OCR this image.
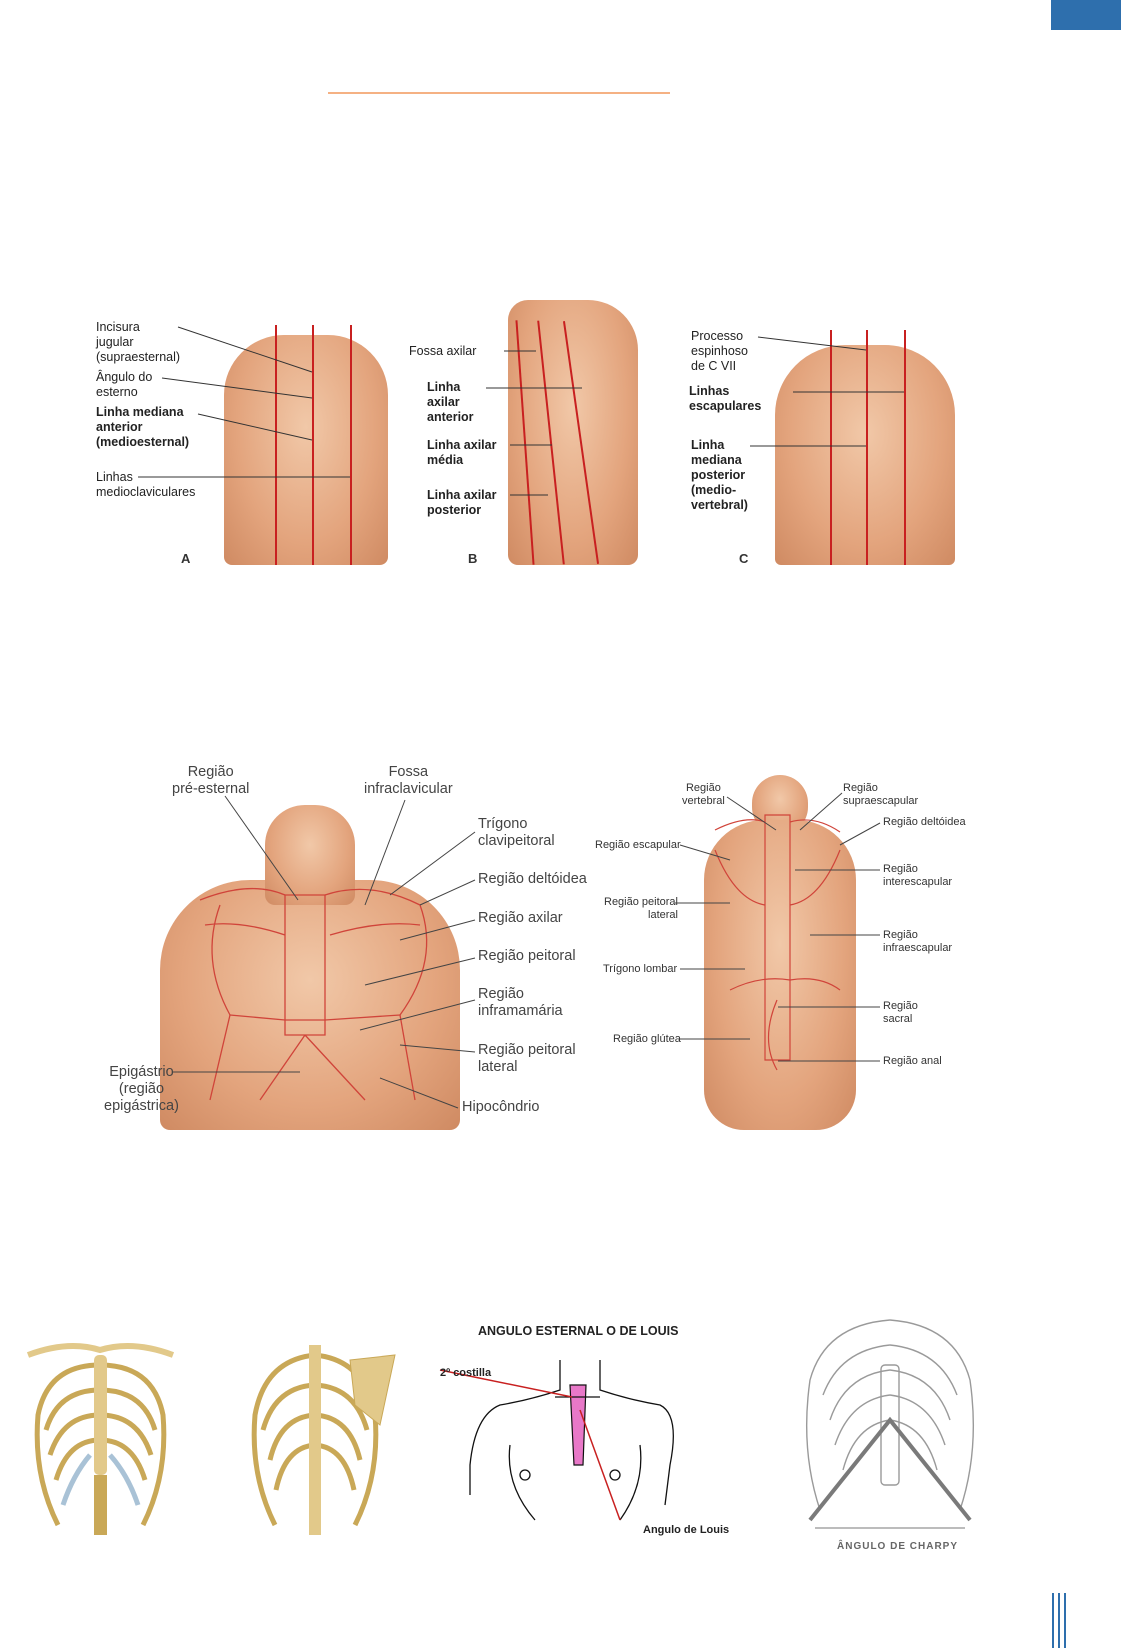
Incisura
jugular
(supraesternal)
Ângulo do
esterno
Linha mediana
anterior
(medioesternal)
Linhas
medioclaviculares
A
Fossa axilar
Linha
axilar
anterior
Linha axilar
média
Linha axilar
posterior
B
Processo
espinhoso
de C VII
Linhas
escapulares
Linha
mediana
posterior
(medio-
vertebral)
C
Região
pré-esternal
Fossa
infraclavicular
Trígono
clavipeitoral
Região deltóidea
Região axilar
Região peitoral
Região
inframamária
Região peitoral
lateral
Hipocôndrio
Epigástrio
(região
epigástrica)
Região
vertebral
Região
supraescapular
Região deltóidea
Região escapular
Região
interescapular
Região peitoral
lateral
Região
infraescapular
Trígono lombar
Região
sacral
Região glútea
Região anal
ANGULO ESTERNAL O DE LOUIS
2º costilla
Angulo de Louis
ÂNGULO DE CHARPY
